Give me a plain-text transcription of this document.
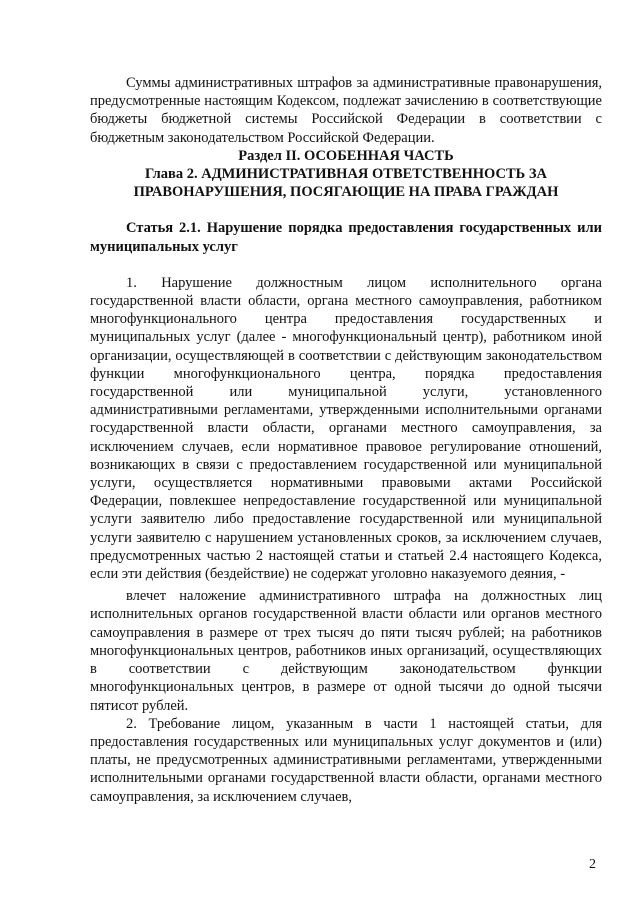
Суммы административных штрафов за административные правонарушения, предусмотренные настоящим Кодексом, подлежат зачислению в соответствующие бюджеты бюджетной системы Российской Федерации в соответствии с бюджетным законодательством Российской Федерации.

Раздел II. ОСОБЕННАЯ ЧАСТЬ
Глава 2. АДМИНИСТРАТИВНАЯ ОТВЕТСТВЕННОСТЬ ЗА
ПРАВОНАРУШЕНИЯ, ПОСЯГАЮЩИЕ НА ПРАВА ГРАЖДАН
Статья 2.1. Нарушение порядка предоставления государственных или муниципальных услуг

1. Нарушение должностным лицом исполнительного органа государственной власти области, органа местного самоуправления, работником многофункционального центра предоставления государственных и муниципальных услуг (далее - многофункциональный центр), работником иной организации, осуществляющей в соответствии с действующим законодательством функции многофункционального центра, порядка предоставления государственной или муниципальной услуги, установленного административными регламентами, утвержденными исполнительными органами государственной власти области, органами местного самоуправления, за исключением случаев, если нормативное правовое регулирование отношений, возникающих в связи с предоставлением государственной или муниципальной услуги, осуществляется нормативными правовыми актами Российской Федерации, повлекшее непредоставление государственной или муниципальной услуги заявителю либо предоставление государственной или муниципальной услуги заявителю с нарушением установленных сроков, за исключением случаев, предусмотренных частью 2 настоящей статьи и статьей 2.4 настоящего Кодекса, если эти действия (бездействие) не содержат уголовно наказуемого деяния, -

влечет наложение административного штрафа на должностных лиц исполнительных органов государственной власти области или органов местного самоуправления в размере от трех тысяч до пяти тысяч рублей; на работников многофункциональных центров, работников иных организаций, осуществляющих в соответствии с действующим законодательством функции многофункциональных центров, в размере от одной тысячи до одной тысячи пятисот рублей.

2. Требование лицом, указанным в части 1 настоящей статьи, для предоставления государственных или муниципальных услуг документов и (или) платы, не предусмотренных административными регламентами, утвержденными исполнительными органами государственной власти области, органами местного самоуправления, за исключением случаев,

2
